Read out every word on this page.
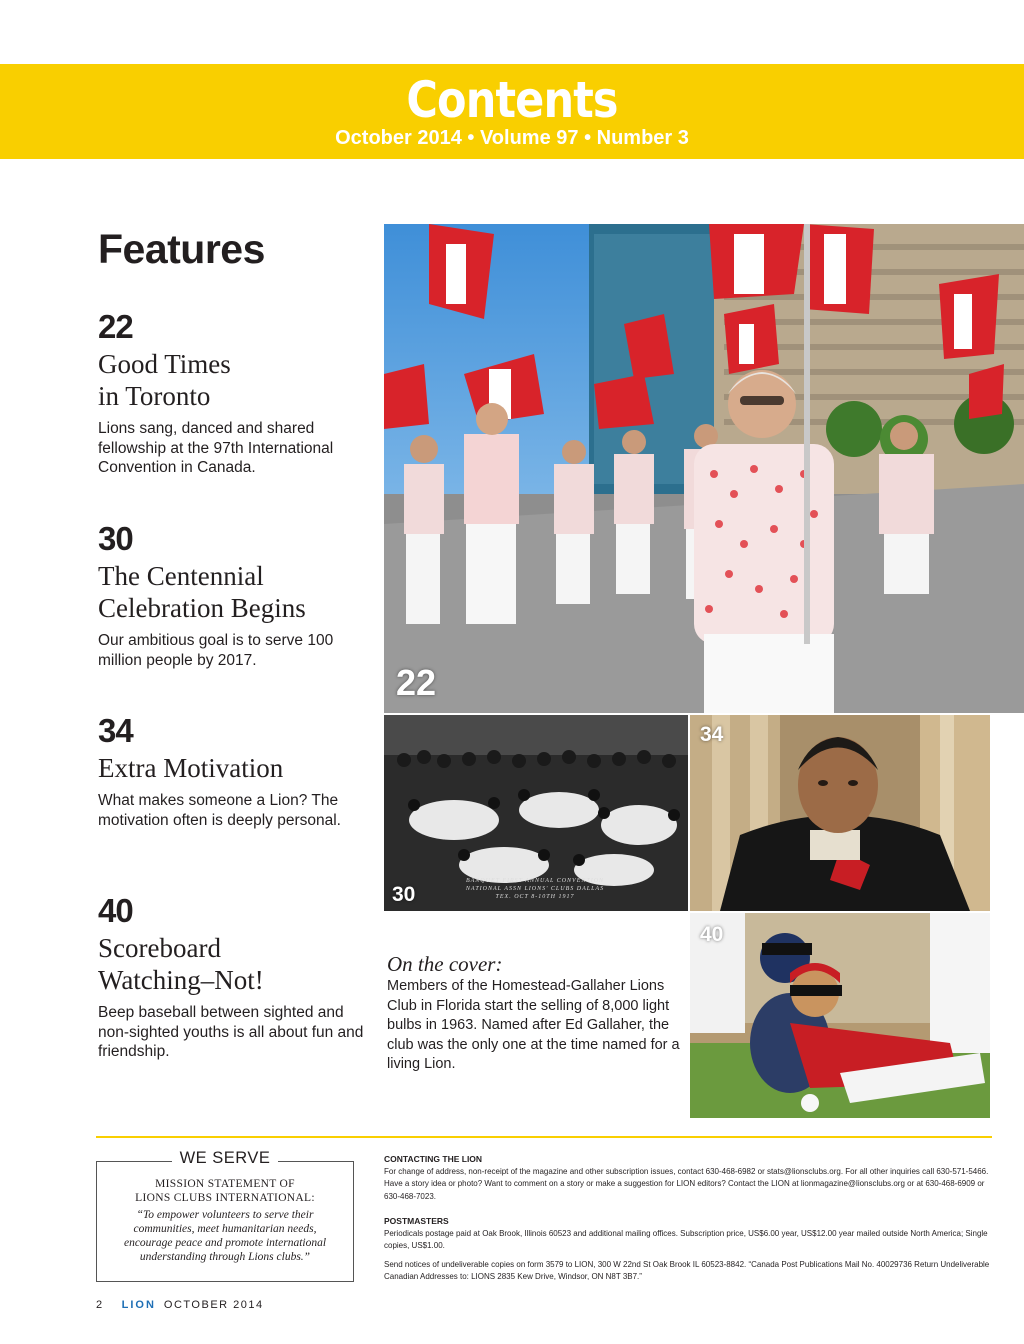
Contents
October 2014 • Volume 97 • Number 3
Features
22
Good Times
in Toronto
Lions sang, danced and shared fellowship at the 97th International Convention in Canada.
30
The Centennial
Celebration Begins
Our ambitious goal is to serve 100 million people by 2017.
34
Extra Motivation
What makes someone a Lion? The motivation often is deeply personal.
40
Scoreboard
Watching–Not!
Beep baseball between sighted and non-sighted youths is all about fun and friendship.
22
BANQUET FIRST ANNUAL CONVENTION NATIONAL ASSN LIONS' CLUBS DALLAS TEX. OCT 8-10TH 1917
30
34
40
On the cover:
Members of the Homestead-Gallaher Lions Club in Florida start the selling of 8,000 light bulbs in 1963. Named after Ed Gallaher, the club was the only one at the time named for a living Lion.
WE SERVE
MISSION STATEMENT OF
LIONS CLUBS INTERNATIONAL:
“To empower volunteers to serve their communities, meet humanitarian needs, encourage peace and promote international understanding through Lions clubs.”
CONTACTING THE LION
For change of address, non-receipt of the magazine and other subscription issues, contact 630-468-6982 or stats@lionsclubs.org. For all other inquiries call 630-571-5466. Have a story idea or photo? Want to comment on a story or make a suggestion for LION editors? Contact the LION at lionmagazine@lionsclubs.org or at 630-468-6909 or 630-468-7023.
POSTMASTERS
Periodicals postage paid at Oak Brook, Illinois 60523 and additional mailing offices. Subscription price, US$6.00 year, US$12.00 year mailed outside North America; Single copies, US$1.00.
Send notices of undeliverable copies on form 3579 to LION, 300 W 22nd St Oak Brook IL 60523-8842. “Canada Post Publications Mail No. 40029736 Return Undeliverable Canadian Addresses to: LIONS 2835 Kew Drive, Windsor, ON N8T 3B7.”
2 LION OCTOBER 2014
